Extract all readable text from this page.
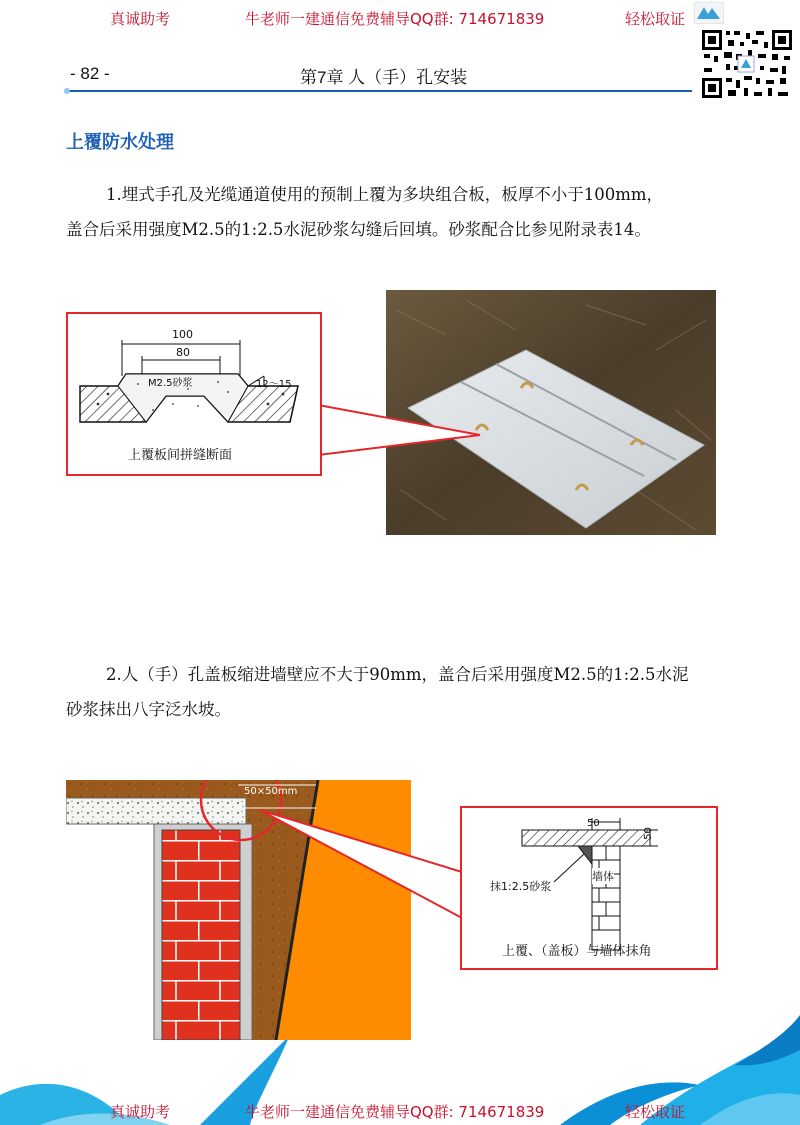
真诚助考	牛老师一建通信免费辅导QQ群: 714671839	轻松取证
- 82 -	第7章 人（手）孔安装
上覆防水处理
1.埋式手孔及光缆通道使用的预制上覆为多块组合板，板厚不小于100mm，
盖合后采用强度M2.5的1:2.5水泥砂浆勾缝后回填。砂浆配合比参见附录表14。
100
80
M2.5砂浆	12～15
上覆板间拼缝断面
2.人（手）孔盖板缩进墙壁应不大于90mm，盖合后采用强度M2.5的1:2.5水泥
砂浆抹出八字泛水坡。
50×50mm
50
50
墙体
抹1:2.5砂浆
上覆、（盖板）与墙体抹角
真诚助考	牛老师一建通信免费辅导QQ群: 714671839	轻松取证
